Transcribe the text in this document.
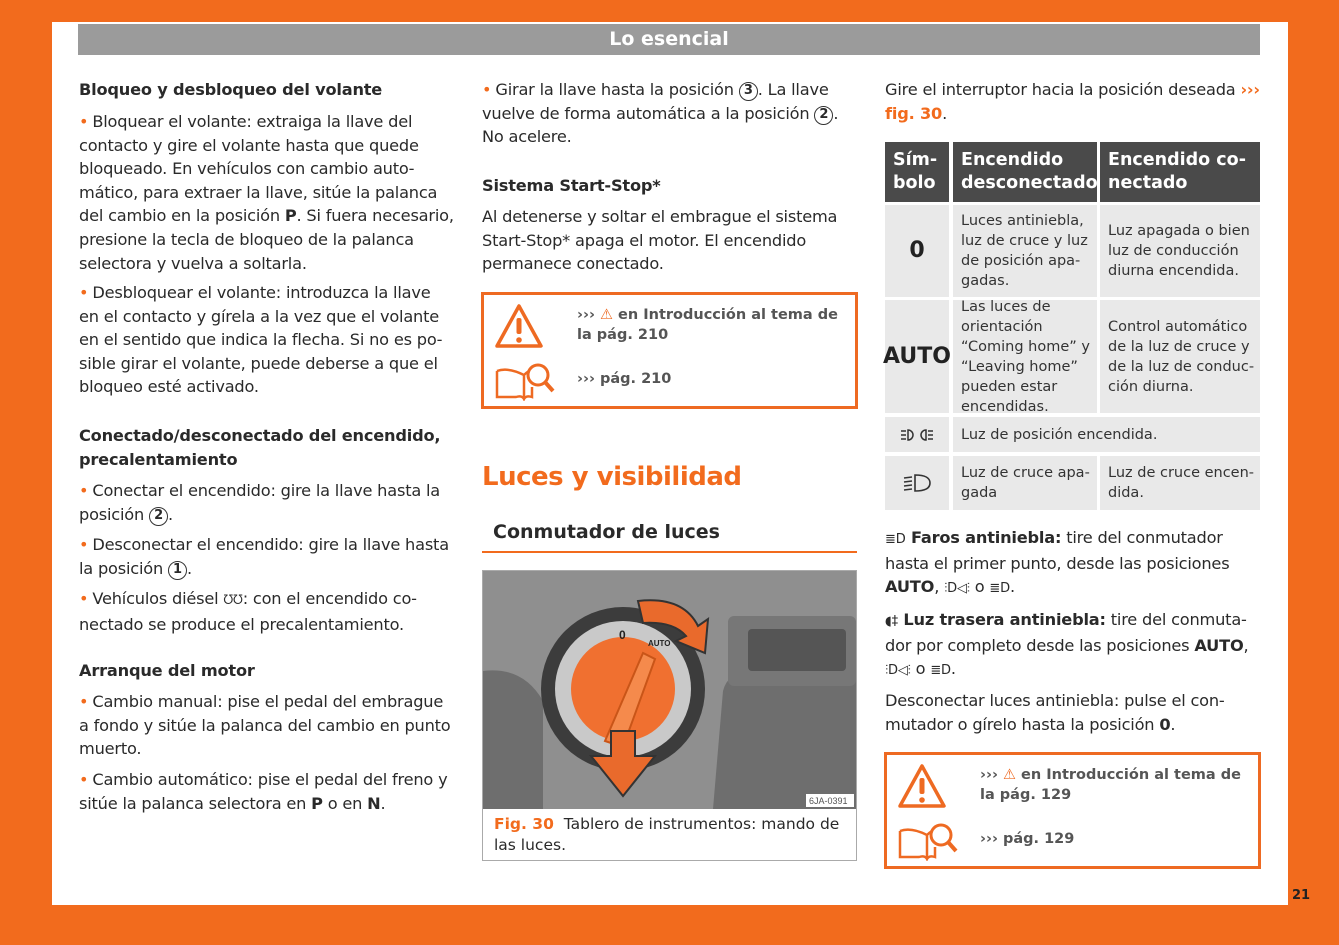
Lo esencial
Bloqueo y desbloqueo del volante
• Bloquear el volante: extraiga la llave del contacto y gire el volante hasta que quede bloqueado. En vehículos con cambio automático, para extraer la llave, sitúe la palanca del cambio en la posición P. Si fuera necesario, presione la tecla de bloqueo de la palanca selectora y vuelva a soltarla.
• Desbloquear el volante: introduzca la llave en el contacto y gírela a la vez que el volante en el sentido que indica la flecha. Si no es posible girar el volante, puede deberse a que el bloqueo esté activado.
Conectado/desconectado del encendido, precalentamiento
• Conectar el encendido: gire la llave hasta la posición 2 .
• Desconectar el encendido: gire la llave hasta la posición 1 .
• Vehículos diésel ᘮᘮ: con el encendido conectado se produce el precalentamiento.
Arranque del motor
• Cambio manual: pise el pedal del embrague a fondo y sitúe la palanca del cambio en punto muerto.
• Cambio automático: pise el pedal del freno y sitúe la palanca selectora en P o en N.
• Girar la llave hasta la posición 3 . La llave vuelve de forma automática a la posición 2 . No acelere.
Sistema Start-Stop*
Al detenerse y soltar el embrague el sistema Start-Stop* apaga el motor. El encendido permanece conectado.
Gire el interruptor hacia la posición deseada ››› fig. 30.
≣D Faros antiniebla: tire del conmutador hasta el primer punto, desde las posiciones AUTO, ⫶D◁⫶ o ≣D.
◖‡ Luz trasera antiniebla: tire del conmutador por completo desde las posiciones AUTO, ⫶D◁⫶ o ≣D.
Desconectar luces antiniebla: pulse el conmutador o gírelo hasta la posición 0.
››› ⚠ en Introducción al tema de la pág. 210
››› pág. 210
Luces y visibilidad
Conmutador de luces
0
AUTO
6JA-0391
Fig. 30 Tablero de instrumentos: mando de las luces.
Símbolo
Encendido desconectado
Encendido conectado
0
Luces antiniebla, luz de cruce y luz de posición apagadas.
Luz apagada o bien luz de conducción diurna encendida.
AUTO
Las luces de orientación “Coming home” y “Leaving home” pueden estar encendidas.
Control automático de la luz de cruce y de la luz de conducción diurna.
Luz de posición encendida.
Luz de cruce apagada
Luz de cruce encendida.
››› ⚠ en Introducción al tema de la pág. 129
››› pág. 129
21
